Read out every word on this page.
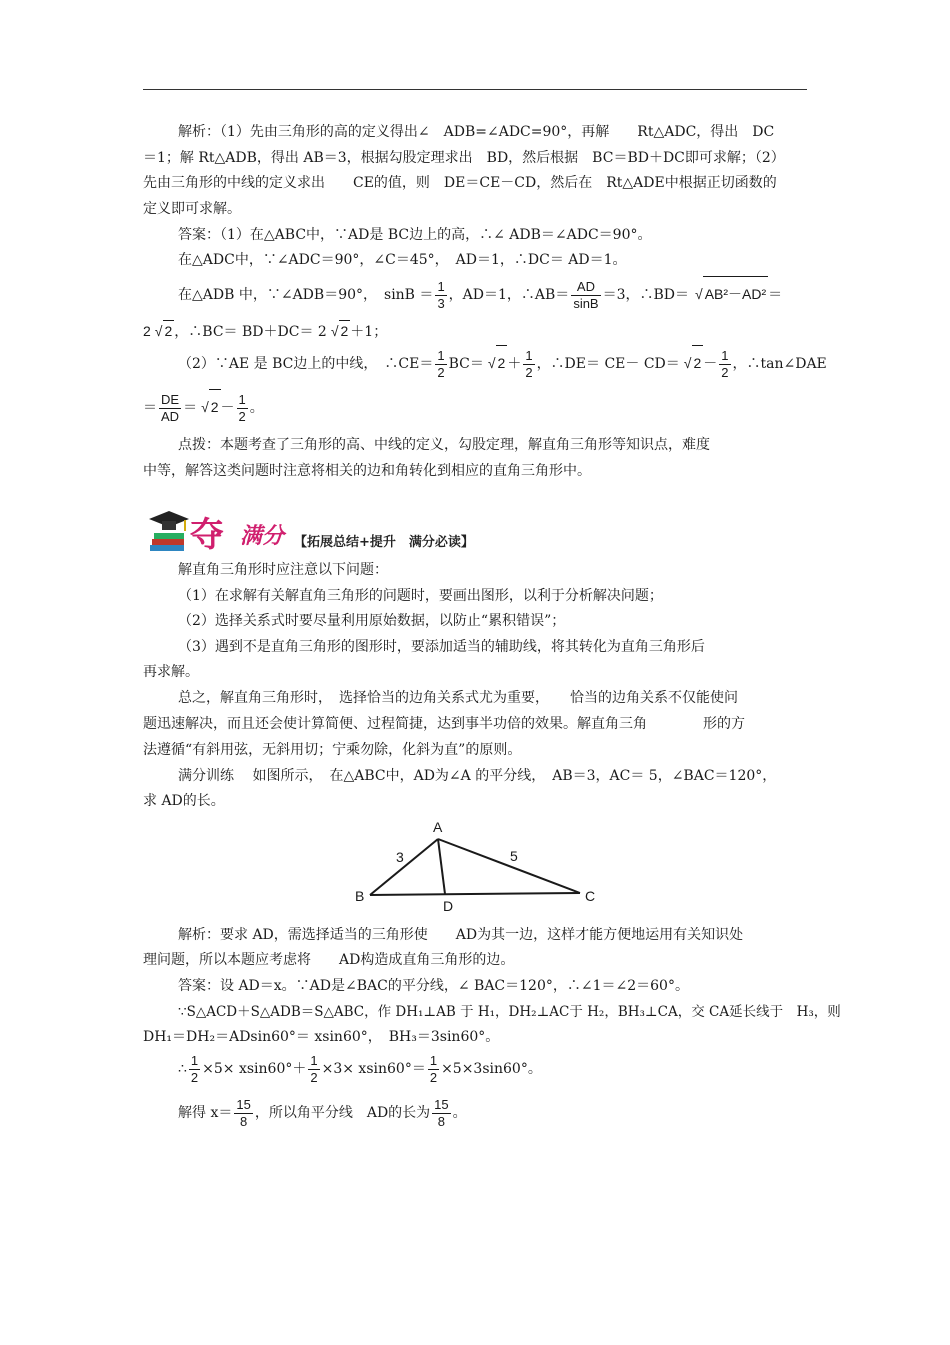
解析：（1）先由三角形的高的定义得出∠　ADB=∠ADC=90°，再解　　Rt△ADC，得出　DC
＝1；解 Rt△ADB，得出 AB＝3，根据勾股定理求出　BD，然后根据　BC＝BD＋DC即可求解；（2）
先由三角形的中线的定义求出　　CE的值，则　DE＝CE－CD，然后在　Rt△ADE中根据正切函数的
定义即可求解。
答案：（1）在△ABC中，∵AD是 BC边上的高，∴∠ ADB＝∠ADC＝90°。
在△ADC中，∵∠ADC＝90°，∠C＝45°，　AD＝1，∴DC＝ AD＝1。
在△ADB 中，∵∠ADB＝90°，　$\sin B = \frac{1}{3}$ ，AD＝1，∴AB＝ $\frac{AD}{\sin B} =3$，∴BD＝√ AB²－AD² ＝
2√ 2 ，∴BC＝ BD＋DC＝ 2√ 2 ＋1；
（2）∵AE 是 BC边上的中线，　∴CE＝ $\frac{1}{2} BC=√$ $2 + \frac{1}{2}$ ，∴DE＝ CE－ CD＝√ $2 - \frac{1}{2}$ ，∴tan∠DAE
＝ $\frac{DE}{AD}$ ＝√ $2 - \frac{1}{2}$ 。
点拨：本题考查了三角形的高、中线的定义，勾股定理，解直角三角形等知识点，难度
中等，解答这类问题时注意将相关的边和角转化到相应的直角三角形中。
夺 满分 【拓展总结+提升　满分必读】
解直角三角形时应注意以下问题：
（1）在求解有关解直角三角形的问题时，要画出图形，以利于分析解决问题；
（2）选择关系式时要尽量利用原始数据，以防止“累积错误”；
（3）遇到不是直角三角形的图形时，要添加适当的辅助线，将其转化为直角三角形后
再求解。
总之，解直角三角形时，　选择恰当的边角关系式尤为重要，　　恰当的边角关系不仅能使问
题迅速解决，而且还会使计算简便、过程简捷，达到事半功倍的效果。解直角三角　　　　形的方
法遵循“有斜用弦，无斜用切；宁乘勿除，化斜为直”的原则。
满分训练　 如图所示，　在△ABC中，AD为∠A 的平分线，　AB＝3，AC＝ 5，∠BAC＝120°，
求 AD的长。
A
B	C
D
3	5
解析：要求 AD，需选择适当的三角形使　　AD为其一边，这样才能方便地运用有关知识处
理问题，所以本题应考虑将　　AD构造成直角三角形的边。
答案：设 AD＝x。∵AD是∠BAC的平分线，∠ BAC＝120°，∴∠1＝∠2＝60°。
∵S△ACD＋S△ADB＝S△ABC，作 DH₁⊥AB 于 H₁，DH₂⊥AC于 H₂，BH₃⊥CA，交 CA延长线于　H₃，则
DH₁＝DH₂＝ADsin60°＝ xsin60°，　BH₃＝3sin60°。
∴ $\frac{1}{2} \times 5\times xsin60^\circ+ \frac{1}{2} \times 3\times xsin60^\circ= \frac{1}{2} \times 5\times 3\sin 60^\circ$。
解得 $x= \frac{15}{8}$ ，所以角平分线　AD的长为 $\frac{15}{8}$ 。
